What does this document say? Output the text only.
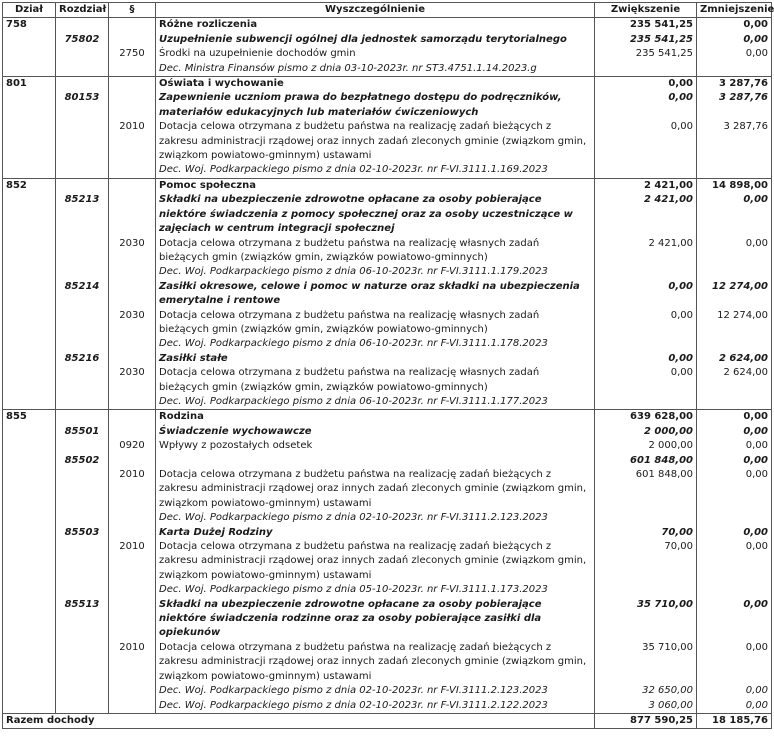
Dział	Rozdział	§	Wyszczególnienie	Zwiększenie	Zmniejszenie
758			Różne rozliczenia	235 541,25	0,00
	75802		Uzupełnienie subwencji ogólnej dla jednostek samorządu terytorialnego	235 541,25	0,00
		2750	Środki na uzupełnienie dochodów gmin	235 541,25	0,00
			Dec. Ministra Finansów pismo z dnia 03-10-2023r. nr ST3.4751.1.14.2023.g		
801			Oświata i wychowanie	0,00	3 287,76
	80153		Zapewnienie uczniom prawa do bezpłatnego dostępu do podręczników, materiałów edukacyjnych lub materiałów ćwiczeniowych	0,00	3 287,76
		2010	Dotacja celowa otrzymana z budżetu państwa na realizację zadań bieżących z zakresu administracji rządowej oraz innych zadań zleconych gminie (związkom gmin, związkom powiatowo-gminnym) ustawami	0,00	3 287,76
			Dec. Woj. Podkarpackiego pismo z dnia 02-10-2023r. nr F-VI.3111.1.169.2023		
852			Pomoc społeczna	2 421,00	14 898,00
	85213		Składki na ubezpieczenie zdrowotne opłacane za osoby pobierające niektóre świadczenia z pomocy społecznej oraz za osoby uczestniczące w zajęciach w centrum integracji społecznej	2 421,00	0,00
		2030	Dotacja celowa otrzymana z budżetu państwa na realizację własnych zadań bieżących gmin (związków gmin, związków powiatowo-gminnych)	2 421,00	0,00
			Dec. Woj. Podkarpackiego pismo z dnia 06-10-2023r. nr F-VI.3111.1.179.2023		
	85214		Zasiłki okresowe, celowe i pomoc w naturze oraz składki na ubezpieczenia emerytalne i rentowe	0,00	12 274,00
		2030	Dotacja celowa otrzymana z budżetu państwa na realizację własnych zadań bieżących gmin (związków gmin, związków powiatowo-gminnych)	0,00	12 274,00
			Dec. Woj. Podkarpackiego pismo z dnia 06-10-2023r. nr F-VI.3111.1.178.2023		
	85216		Zasiłki stałe	0,00	2 624,00
		2030	Dotacja celowa otrzymana z budżetu państwa na realizację własnych zadań bieżących gmin (związków gmin, związków powiatowo-gminnych)	0,00	2 624,00
			Dec. Woj. Podkarpackiego pismo z dnia 06-10-2023r. nr F-VI.3111.1.177.2023		
855			Rodzina	639 628,00	0,00
	85501		Świadczenie wychowawcze	2 000,00	0,00
		0920	Wpływy z pozostałych odsetek	2 000,00	0,00
	85502			601 848,00	0,00
		2010	Dotacja celowa otrzymana z budżetu państwa na realizację zadań bieżących z zakresu administracji rządowej oraz innych zadań zleconych gminie (związkom gmin, związkom powiatowo-gminnym) ustawami	601 848,00	0,00
			Dec. Woj. Podkarpackiego pismo z dnia 02-10-2023r. nr F-VI.3111.2.123.2023		
	85503		Karta Dużej Rodziny	70,00	0,00
		2010	Dotacja celowa otrzymana z budżetu państwa na realizację zadań bieżących z zakresu administracji rządowej oraz innych zadań zleconych gminie (związkom gmin, związkom powiatowo-gminnym) ustawami	70,00	0,00
			Dec. Woj. Podkarpackiego pismo z dnia 05-10-2023r. nr F-VI.3111.1.173.2023		
	85513		Składki na ubezpieczenie zdrowotne opłacane za osoby pobierające niektóre świadczenia rodzinne oraz za osoby pobierające zasiłki dla opiekunów	35 710,00	0,00
		2010	Dotacja celowa otrzymana z budżetu państwa na realizację zadań bieżących z zakresu administracji rządowej oraz innych zadań zleconych gminie (związkom gmin, związkom powiatowo-gminnym) ustawami	35 710,00	0,00
			Dec. Woj. Podkarpackiego pismo z dnia 02-10-2023r. nr F-VI.3111.2.123.2023	32 650,00	0,00
			Dec. Woj. Podkarpackiego pismo z dnia 02-10-2023r. nr F-VI.3111.2.122.2023	3 060,00	0,00
Razem dochody				877 590,25	18 185,76
